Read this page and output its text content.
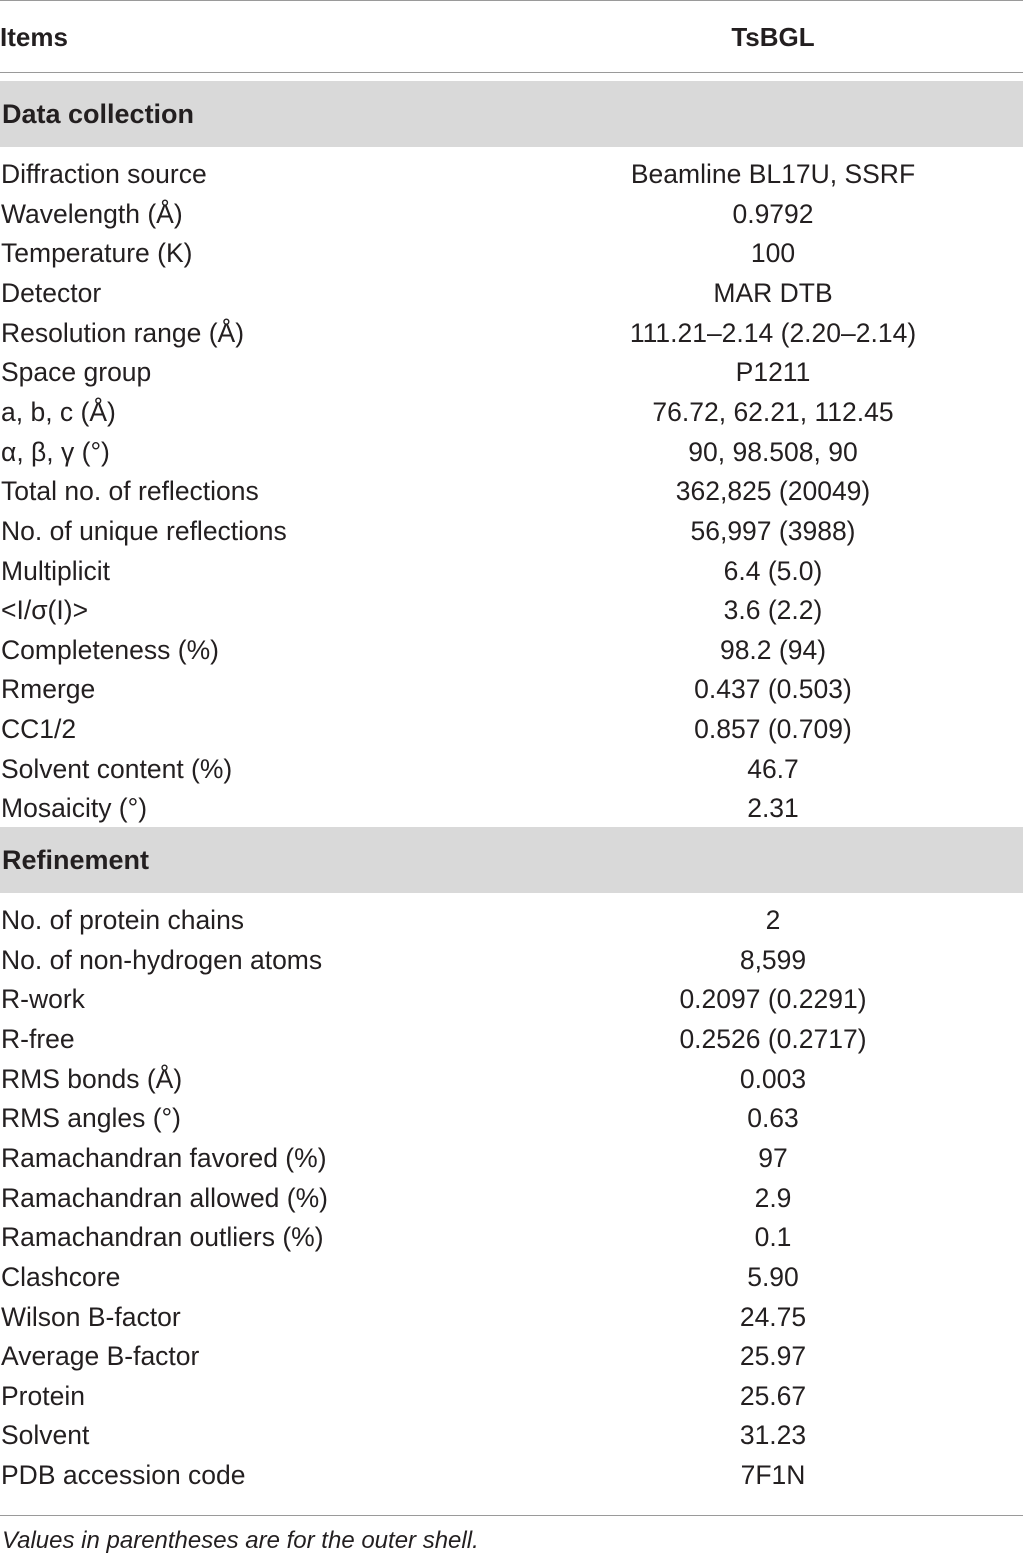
Items	TsBGL
Data collection
Diffraction source	Beamline BL17U, SSRF
Wavelength (Å)	0.9792
Temperature (K)	100
Detector	MAR DTB
Resolution range (Å)	111.21–2.14 (2.20–2.14)
Space group	P1211
a, b, c (Å)	76.72, 62.21, 112.45
α, β, γ (°)	90, 98.508, 90
Total no. of reflections	362,825 (20049)
No. of unique reflections	56,997 (3988)
Multiplicit	6.4 (5.0)
<I/σ(I)>	3.6 (2.2)
Completeness (%)	98.2 (94)
Rmerge	0.437 (0.503)
CC1/2	0.857 (0.709)
Solvent content (%)	46.7
Mosaicity (°)	2.31
Refinement
No. of protein chains	2
No. of non-hydrogen atoms	8,599
R-work	0.2097 (0.2291)
R-free	0.2526 (0.2717)
RMS bonds (Å)	0.003
RMS angles (°)	0.63
Ramachandran favored (%)	97
Ramachandran allowed (%)	2.9
Ramachandran outliers (%)	0.1
Clashcore	5.90
Wilson B-factor	24.75
Average B-factor	25.97
Protein	25.67
Solvent	31.23
PDB accession code	7F1N
Values in parentheses are for the outer shell.
